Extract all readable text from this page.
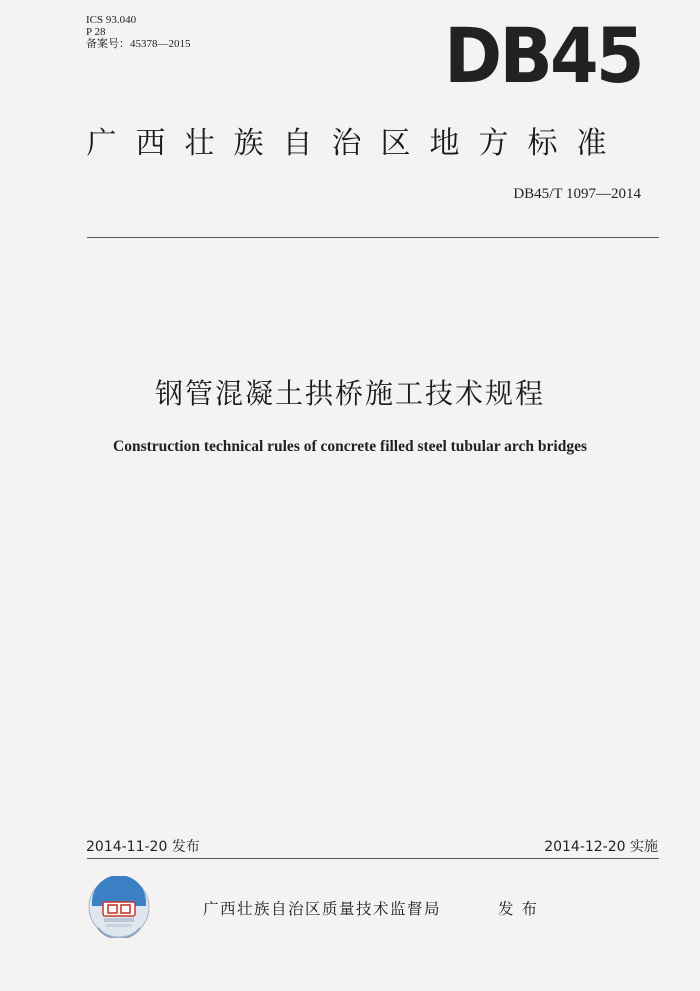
ICS 93.040
P 28
备案号：45378—2015	DB45
广西壮族自治区地方标准
DB45/T 1097—2014
钢管混凝土拱桥施工技术规程
Construction technical rules of concrete filled steel tubular arch bridges
2014-11-20 发布	2014-12-20 实施
广西壮族自治区质量技术监督局	发布
